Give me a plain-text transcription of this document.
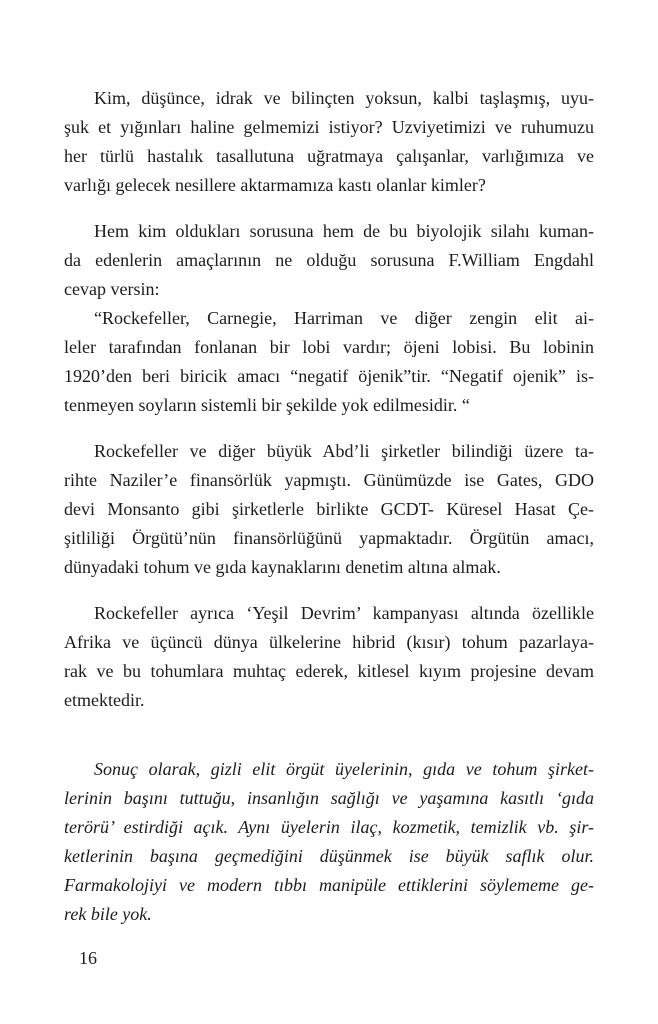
Kim, düşünce, idrak ve bilinçten yoksun, kalbi taşlaşmış, uyu-
şuk et yığınları haline gelmemizi istiyor? Uzviyetimizi ve ruhumuzu
her türlü hastalık tasallutuna uğratmaya çalışanlar, varlığımıza ve
varlığı gelecek nesillere aktarmamıza kastı olanlar kimler?
Hem kim oldukları sorusuna hem de bu biyolojik silahı kuman-
da edenlerin amaçlarının ne olduğu sorusuna F.William Engdahl
cevap versin:
“Rockefeller, Carnegie, Harriman ve diğer zengin elit ai-
leler tarafından fonlanan bir lobi vardır; öjeni lobisi. Bu lobinin
1920’den beri biricik amacı “negatif öjenik”tir. “Negatif ojenik” is-
tenmeyen soyların sistemli bir şekilde yok edilmesidir. “
Rockefeller ve diğer büyük Abd’li şirketler bilindiği üzere ta-
rihte Naziler’e finansörlük yapmıştı. Günümüzde ise Gates, GDO
devi Monsanto gibi şirketlerle birlikte GCDT- Küresel Hasat Çe-
şitliliği Örgütü’nün finansörlüğünü yapmaktadır. Örgütün amacı,
dünyadaki tohum ve gıda kaynaklarını denetim altına almak.
Rockefeller ayrıca ‘Yeşil Devrim’ kampanyası altında özellikle
Afrika ve üçüncü dünya ülkelerine hibrid (kısır) tohum pazarlaya-
rak ve bu tohumlara muhtaç ederek, kitlesel kıyım projesine devam
etmektedir.
Sonuç olarak, gizli elit örgüt üyelerinin, gıda ve tohum şirket-
lerinin başını tuttuğu, insanlığın sağlığı ve yaşamına kasıtlı ‘gıda
terörü’ estirdiği açık. Aynı üyelerin ilaç, kozmetik, temizlik vb. şir-
ketlerinin başına geçmediğini düşünmek ise büyük saflık olur.
Farmakolojiyi ve modern tıbbı manipüle ettiklerini söylememe ge-
rek bile yok.
16
